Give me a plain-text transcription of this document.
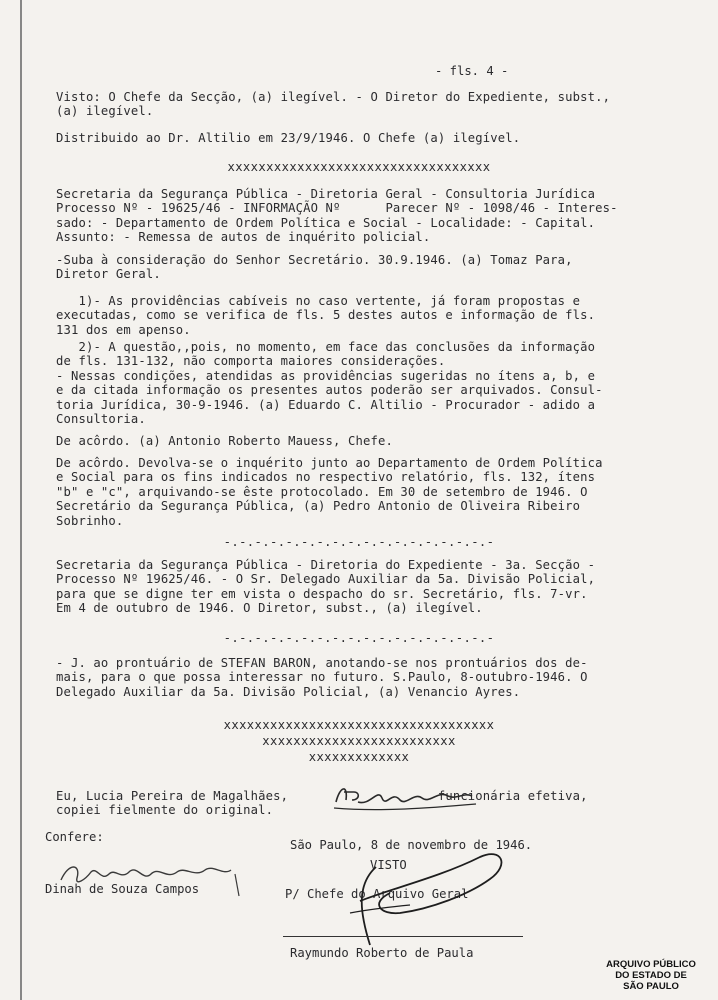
- fls. 4 -
Visto: O Chefe da Secção, (a) ilegível. - O Diretor do Expediente, subst.,
(a) ilegível.
Distribuido ao Dr. Altilio em 23/9/1946. O Chefe (a) ilegível.
xxxxxxxxxxxxxxxxxxxxxxxxxxxxxxxxxx
Secretaria da Segurança Pública - Diretoria Geral - Consultoria Jurídica
Processo Nº - 19625/46 - INFORMAÇÃO Nº      Parecer Nº - 1098/46 - Interes-
sado: - Departamento de Ordem Política e Social - Localidade: - Capital.
Assunto: - Remessa de autos de inquérito policial.
-Suba à consideração do Senhor Secretário. 30.9.1946. (a) Tomaz Para,
Diretor Geral.
1)- As providências cabíveis no caso vertente, já foram propostas e
executadas, como se verifica de fls. 5 destes autos e informação de fls.
131 dos em apenso.
2)- A questão,,pois, no momento, em face das conclusões da informação
de fls. 131-132, não comporta maiores considerações.
- Nessas condições, atendidas as providências sugeridas no ítens a, b, e
e da citada informação os presentes autos poderão ser arquivados. Consul-
toria Jurídica, 30-9-1946. (a) Eduardo C. Altilio - Procurador - adido a
Consultoria.
De acôrdo. (a) Antonio Roberto Mauess, Chefe.
De acôrdo. Devolva-se o inquérito junto ao Departamento de Ordem Política
e Social para os fins indicados no respectivo relatório, fls. 132, ítens
"b" e "c", arquivando-se êste protocolado. Em 30 de setembro de 1946. O
Secretário da Segurança Pública, (a) Pedro Antonio de Oliveira Ribeiro
Sobrinho.
-.-.-.-.-.-.-.-.-.-.-.-.-.-.-.-.-.-
Secretaria da Segurança Pública - Diretoria do Expediente - 3a. Secção -
Processo Nº 19625/46. - O Sr. Delegado Auxiliar da 5a. Divisão Policial,
para que se digne ter em vista o despacho do sr. Secretário, fls. 7-vr.
Em 4 de outubro de 1946. O Diretor, subst., (a) ilegível.
-.-.-.-.-.-.-.-.-.-.-.-.-.-.-.-.-.-
- J. ao prontuário de STEFAN BARON, anotando-se nos prontuários dos de-
mais, para o que possa interessar no futuro. S.Paulo, 8-outubro-1946. O
Delegado Auxiliar da 5a. Divisão Policial, (a) Venancio Ayres.
xxxxxxxxxxxxxxxxxxxxxxxxxxxxxxxxxxx
xxxxxxxxxxxxxxxxxxxxxxxxx
xxxxxxxxxxxxx
Eu, Lucia Pereira de Magalhães,                    funcionária efetiva,
copiei fielmente do original.
Confere:
São Paulo, 8 de novembro de 1946.
VISTO
Dinah de Souza Campos	P/ Chefe do Arquivo Geral
Raymundo Roberto de Paula
ARQUIVO PÚBLICO
DO ESTADO DE
SÃO PAULO
